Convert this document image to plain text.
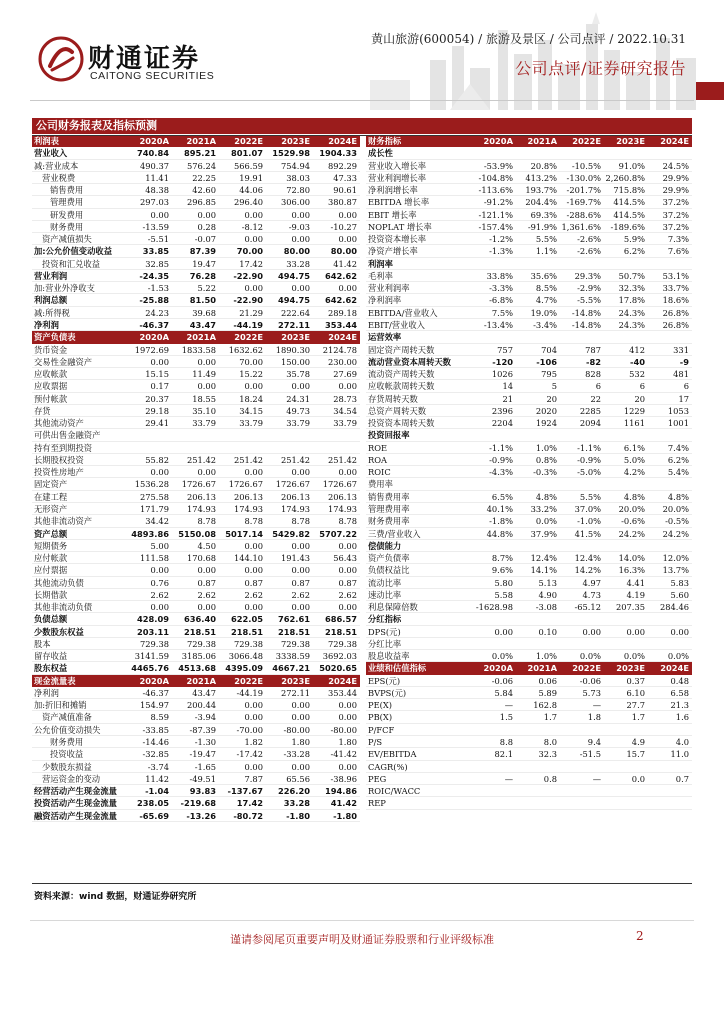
财通证券
CAITONG SECURITIES
黄山旅游(600054) / 旅游及景区 / 公司点评 / 2022.10.31
公司点评/证券研究报告
公司财务报表及指标预测
利润表	2020A	2021A	2022E	2023E	2024E
营业收入	740.84	895.21	801.07	1529.98	1904.33
减:营业成本	490.37	576.24	566.59	754.94	892.29
营业税费	11.41	22.25	19.91	38.03	47.33
销售费用	48.38	42.60	44.06	72.80	90.61
管理费用	297.03	296.85	296.40	306.00	380.87
研发费用	0.00	0.00	0.00	0.00	0.00
财务费用	-13.59	0.28	-8.12	-9.03	-10.27
资产减值损失	-5.51	-0.07	0.00	0.00	0.00
加:公允价值变动收益	33.85	87.39	70.00	80.00	80.00
投资和汇兑收益	32.85	19.47	17.42	33.28	41.42
营业利润	-24.35	76.28	-22.90	494.75	642.62
加:营业外净收支	-1.53	5.22	0.00	0.00	0.00
利润总额	-25.88	81.50	-22.90	494.75	642.62
减:所得税	24.23	39.68	21.29	222.64	289.18
净利润	-46.37	43.47	-44.19	272.11	353.44
资产负债表	2020A	2021A	2022E	2023E	2024E
货币资金	1972.69	1833.58	1632.62	1890.30	2124.78
交易性金融资产	0.00	0.00	70.00	150.00	230.00
应收帐款	15.15	11.49	15.22	35.78	27.69
应收票据	0.17	0.00	0.00	0.00	0.00
预付帐款	20.37	18.55	18.24	24.31	28.73
存货	29.18	35.10	34.15	49.73	34.54
其他流动资产	29.41	33.79	33.79	33.79	33.79
可供出售金融资产
持有至到期投资
长期股权投资	55.82	251.42	251.42	251.42	251.42
投资性房地产	0.00	0.00	0.00	0.00	0.00
固定资产	1536.28	1726.67	1726.67	1726.67	1726.67
在建工程	275.58	206.13	206.13	206.13	206.13
无形资产	171.79	174.93	174.93	174.93	174.93
其他非流动资产	34.42	8.78	8.78	8.78	8.78
资产总额	4893.86	5150.08	5017.14	5429.82	5707.22
短期债务	5.00	4.50	0.00	0.00	0.00
应付帐款	111.58	170.68	144.10	191.43	56.43
应付票据	0.00	0.00	0.00	0.00	0.00
其他流动负债	0.76	0.87	0.87	0.87	0.87
长期借款	2.62	2.62	2.62	2.62	2.62
其他非流动负债	0.00	0.00	0.00	0.00	0.00
负债总额	428.09	636.40	622.05	762.61	686.57
少数股东权益	203.11	218.51	218.51	218.51	218.51
股本	729.38	729.38	729.38	729.38	729.38
留存收益	3141.59	3185.06	3066.48	3338.59	3692.03
股东权益	4465.76	4513.68	4395.09	4667.21	5020.65
现金流量表	2020A	2021A	2022E	2023E	2024E
净利润	-46.37	43.47	-44.19	272.11	353.44
加:折旧和摊销	154.97	200.44	0.00	0.00	0.00
资产减值准备	8.59	-3.94	0.00	0.00	0.00
公允价值变动损失	-33.85	-87.39	-70.00	-80.00	-80.00
财务费用	-14.46	-1.30	1.82	1.80	1.80
投资收益	-32.85	-19.47	-17.42	-33.28	-41.42
少数股东损益	-3.74	-1.65	0.00	0.00	0.00
营运资金的变动	11.42	-49.51	7.87	65.56	-38.96
经营活动产生现金流量	-1.04	93.83	-137.67	226.20	194.86
投资活动产生现金流量	238.05	-219.68	17.42	33.28	41.42
融资活动产生现金流量	-65.69	-13.26	-80.72	-1.80	-1.80
财务指标	2020A	2021A	2022E	2023E	2024E
成长性
营业收入增长率	-53.9%	20.8%	-10.5%	91.0%	24.5%
营业利润增长率	-104.8%	413.2%	-130.0% 2,260.8%	29.9%
净利润增长率	-113.6%	193.7%	-201.7%	715.8%	29.9%
EBITDA 增长率	-91.2%	204.4%	-169.7%	414.5%	37.2%
EBIT 增长率	-121.1%	69.3%	-288.6%	414.5%	37.2%
NOPLAT 增长率	-157.4%	-91.9% 1,361.6%	-189.6%	37.2%
投资资本增长率	-1.2%	5.5%	-2.6%	5.9%	7.3%
净资产增长率	-1.3%	1.1%	-2.6%	6.2%	7.6%
利润率
毛利率	33.8%	35.6%	29.3%	50.7%	53.1%
营业利润率	-3.3%	8.5%	-2.9%	32.3%	33.7%
净利润率	-6.8%	4.7%	-5.5%	17.8%	18.6%
EBITDA/营业收入	7.5%	19.0%	-14.8%	24.3%	26.8%
EBIT/营业收入	-13.4%	-3.4%	-14.8%	24.3%	26.8%
运营效率
固定资产周转天数	757	704	787	412	331
流动营业资本周转天数	-120	-106	-82	-40	-9
流动资产周转天数	1026	795	828	532	481
应收帐款周转天数	14	5	6	6	6
存货周转天数	21	20	22	20	17
总资产周转天数	2396	2020	2285	1229	1053
投资资本周转天数	2204	1924	2094	1161	1001
投资回报率
ROE	-1.1%	1.0%	-1.1%	6.1%	7.4%
ROA	-0.9%	0.8%	-0.9%	5.0%	6.2%
ROIC	-4.3%	-0.3%	-5.0%	4.2%	5.4%
费用率
销售费用率	6.5%	4.8%	5.5%	4.8%	4.8%
管理费用率	40.1%	33.2%	37.0%	20.0%	20.0%
财务费用率	-1.8%	0.0%	-1.0%	-0.6%	-0.5%
三费/营业收入	44.8%	37.9%	41.5%	24.2%	24.2%
偿债能力
资产负债率	8.7%	12.4%	12.4%	14.0%	12.0%
负债权益比	9.6%	14.1%	14.2%	16.3%	13.7%
流动比率	5.80	5.13	4.97	4.41	5.83
速动比率	5.58	4.90	4.73	4.19	5.60
利息保障倍数	-1628.98	-3.08	-65.12	207.35	284.46
分红指标
DPS(元)	0.00	0.10	0.00	0.00	0.00
分红比率
股息收益率	0.0%	1.0%	0.0%	0.0%	0.0%
业绩和估值指标	2020A	2021A	2022E	2023E	2024E
EPS(元)	-0.06	0.06	-0.06	0.37	0.48
BVPS(元)	5.84	5.89	5.73	6.10	6.58
PE(X)	—	162.8	—	27.7	21.3
PB(X)	1.5	1.7	1.8	1.7	1.6
P/FCF
P/S	8.8	8.0	9.4	4.9	4.0
EV/EBITDA	82.1	32.3	-51.5	15.7	11.0
CAGR(%)
PEG	—	0.8	—	0.0	0.7
ROIC/WACC
REP
资料来源：wind 数据，财通证券研究所
谨请参阅尾页重要声明及财通证券股票和行业评级标准	2
